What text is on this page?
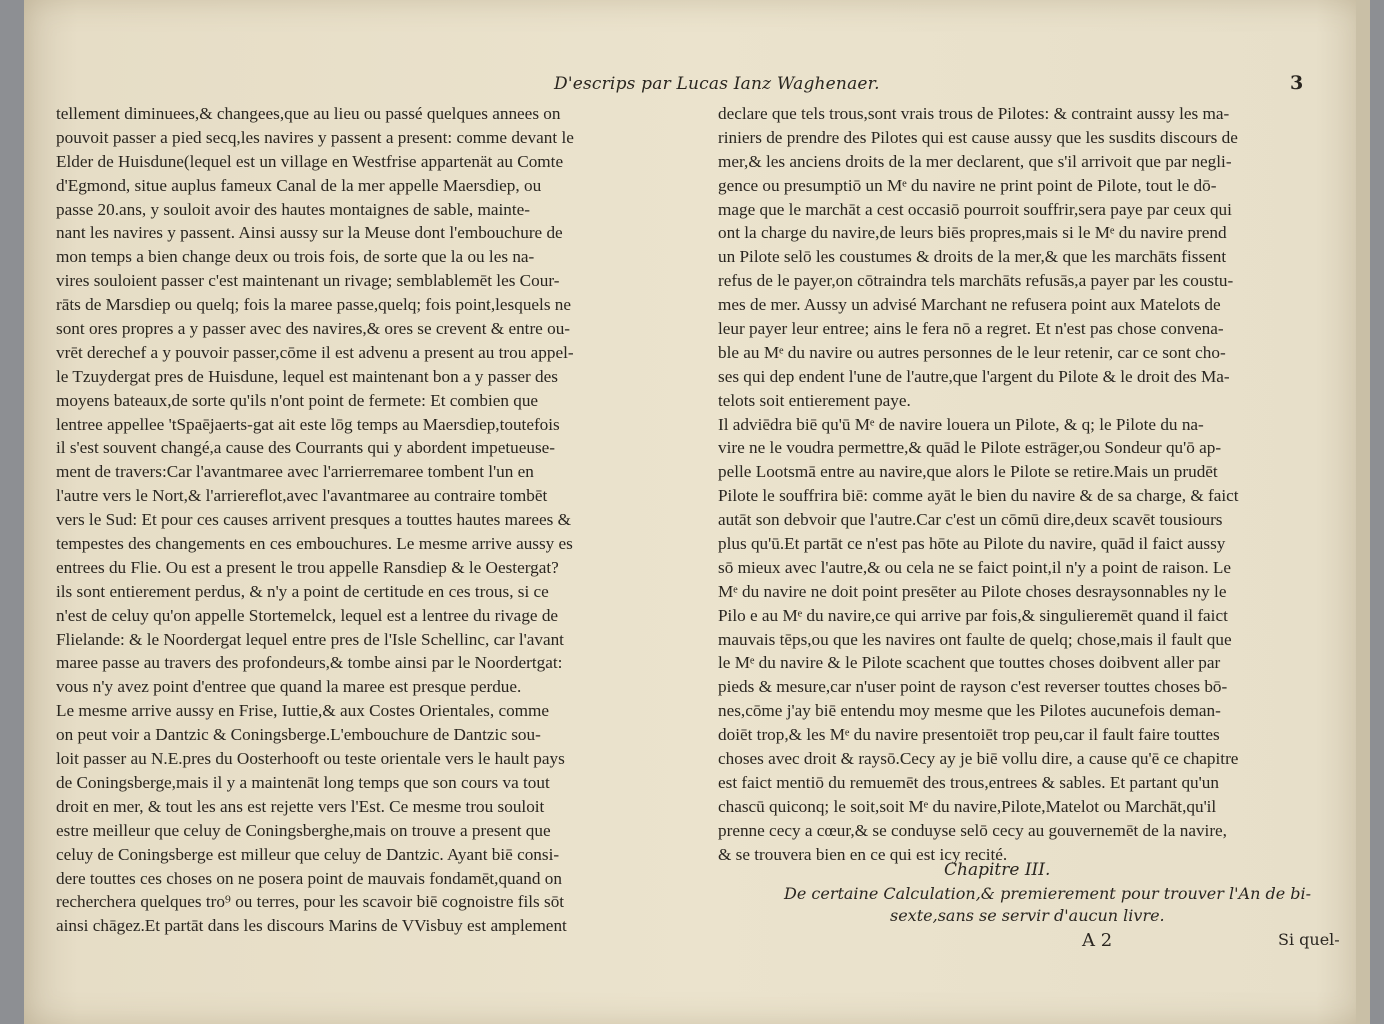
D'escrips par Lucas Ianz Waghenaer.	3
tellement diminuees,& changees,que au lieu ou passé quelques annees on
pouvoit passer a pied secq,les navires y passent a present: comme devant le
Elder de Huisdune(lequel est un village en Westfrise appartenät au Comte
d'Egmond, situe auplus fameux Canal de la mer appelle Maersdiep, ou
passe 20.ans, y souloit avoir des hautes montaignes de sable, mainte-
nant les navires y passent. Ainsi aussy sur la Meuse dont l'embouchure de
mon temps a bien change deux ou trois fois, de sorte que la ou les na-
vires souloient passer c'est maintenant un rivage; semblablemēt les Cour-
rāts de Marsdiep ou quelq; fois la maree passe,quelq; fois point,lesquels ne
sont ores propres a y passer avec des navires,& ores se crevent & entre ou-
vrēt derechef a y pouvoir passer,cōme il est advenu a present au trou appel-
le Tzuydergat pres de Huisdune, lequel est maintenant bon a y passer des
moyens bateaux,de sorte qu'ils n'ont point de fermete: Et combien que
lentree appellee 'tSpaējaerts-gat ait este lōg temps au Maersdiep,toutefois
il s'est souvent changé,a cause des Courrants qui y abordent impetueuse-
ment de travers:Car l'avantmaree avec l'arrierremaree tombent l'un en
l'autre vers le Nort,& l'arriereflot,avec l'avantmaree au contraire tombēt
vers le Sud: Et pour ces causes arrivent presques a touttes hautes marees &
tempestes des changements en ces embouchures. Le mesme arrive aussy es
entrees du Flie. Ou est a present le trou appelle Ransdiep & le Oestergat?
ils sont entierement perdus, & n'y a point de certitude en ces trous, si ce
n'est de celuy qu'on appelle Stortemelck, lequel est a lentree du rivage de
Flielande: & le Noordergat lequel entre pres de l'Isle Schellinc, car l'avant
maree passe au travers des profondeurs,& tombe ainsi par le Noordertgat:
vous n'y avez point d'entree que quand la maree est presque perdue.
Le mesme arrive aussy en Frise, Iuttie,& aux Costes Orientales, comme
on peut voir a Dantzic & Coningsberge.L'embouchure de Dantzic sou-
loit passer au N.E.pres du Oosterhooft ou teste orientale vers le hault pays
de Coningsberge,mais il y a maintenāt long temps que son cours va tout
droit en mer, & tout les ans est rejette vers l'Est. Ce mesme trou souloit
estre meilleur que celuy de Coningsberghe,mais on trouve a present que
celuy de Coningsberge est milleur que celuy de Dantzic. Ayant biē consi-
dere touttes ces choses on ne posera point de mauvais fondamēt,quand on
recherchera quelques tro⁹ ou terres, pour les scavoir biē cognoistre fils sōt
ainsi chāgez.Et partāt dans les discours Marins de VVisbuy est amplement
declare que tels trous,sont vrais trous de Pilotes: & contraint aussy les ma-
riniers de prendre des Pilotes qui est cause aussy que les susdits discours de
mer,& les anciens droits de la mer declarent, que s'il arrivoit que par negli-
gence ou presumptiō un Mᵉ du navire ne print point de Pilote, tout le dō-
mage que le marchāt a cest occasiō pourroit souffrir,sera paye par ceux qui
ont la charge du navire,de leurs biēs propres,mais si le Mᵉ du navire prend
un Pilote selō les coustumes & droits de la mer,& que les marchāts fissent
refus de le payer,on cōtraindra tels marchāts refusās,a payer par les coustu-
mes de mer. Aussy un advisé Marchant ne refusera point aux Matelots de
leur payer leur entree; ains le fera nō a regret. Et n'est pas chose convena-
ble au Mᵉ du navire ou autres personnes de le leur retenir, car ce sont cho-
ses qui dep endent l'une de l'autre,que l'argent du Pilote & le droit des Ma-
telots soit entierement paye.
Il adviēdra biē qu'ū Mᵉ de navire louera un Pilote, & q; le Pilote du na-
vire ne le voudra permettre,& quād le Pilote estrāger,ou Sondeur qu'ō ap-
pelle Lootsmā entre au navire,que alors le Pilote se retire.Mais un prudēt
Pilote le souffrira biē: comme ayāt le bien du navire & de sa charge, & faict
autāt son debvoir que l'autre.Car c'est un cōmū dire,deux scavēt tousiours
plus qu'ū.Et partāt ce n'est pas hōte au Pilote du navire, quād il faict aussy
sō mieux avec l'autre,& ou cela ne se faict point,il n'y a point de raison. Le
Mᵉ du navire ne doit point presēter au Pilote choses desraysonnables ny le
Pilo e au Mᵉ du navire,ce qui arrive par fois,& singulieremēt quand il faict
mauvais tēps,ou que les navires ont faulte de quelq; chose,mais il fault que
le Mᵉ du navire & le Pilote scachent que touttes choses doibvent aller par
pieds & mesure,car n'user point de rayson c'est reverser touttes choses bō-
nes,cōme j'ay biē entendu moy mesme que les Pilotes aucunefois deman-
doiēt trop,& les Mᵉ du navire presentoiēt trop peu,car il fault faire touttes
choses avec droit & raysō.Cecy ay je biē vollu dire, a cause qu'ē ce chapitre
est faict mentiō du remuemēt des trous,entrees & sables. Et partant qu'un
chascū quiconq; le soit,soit Mᵉ du navire,Pilote,Matelot ou Marchāt,qu'il
prenne cecy a cœur,& se conduyse selō cecy au gouvernemēt de la navire,
& se trouvera bien en ce qui est icy recité.
Chapitre III.
De certaine Calculation,& premierement pour trouver l'An de bi-
sexte,sans se servir d'aucun livre.
A 2	Si quel-
